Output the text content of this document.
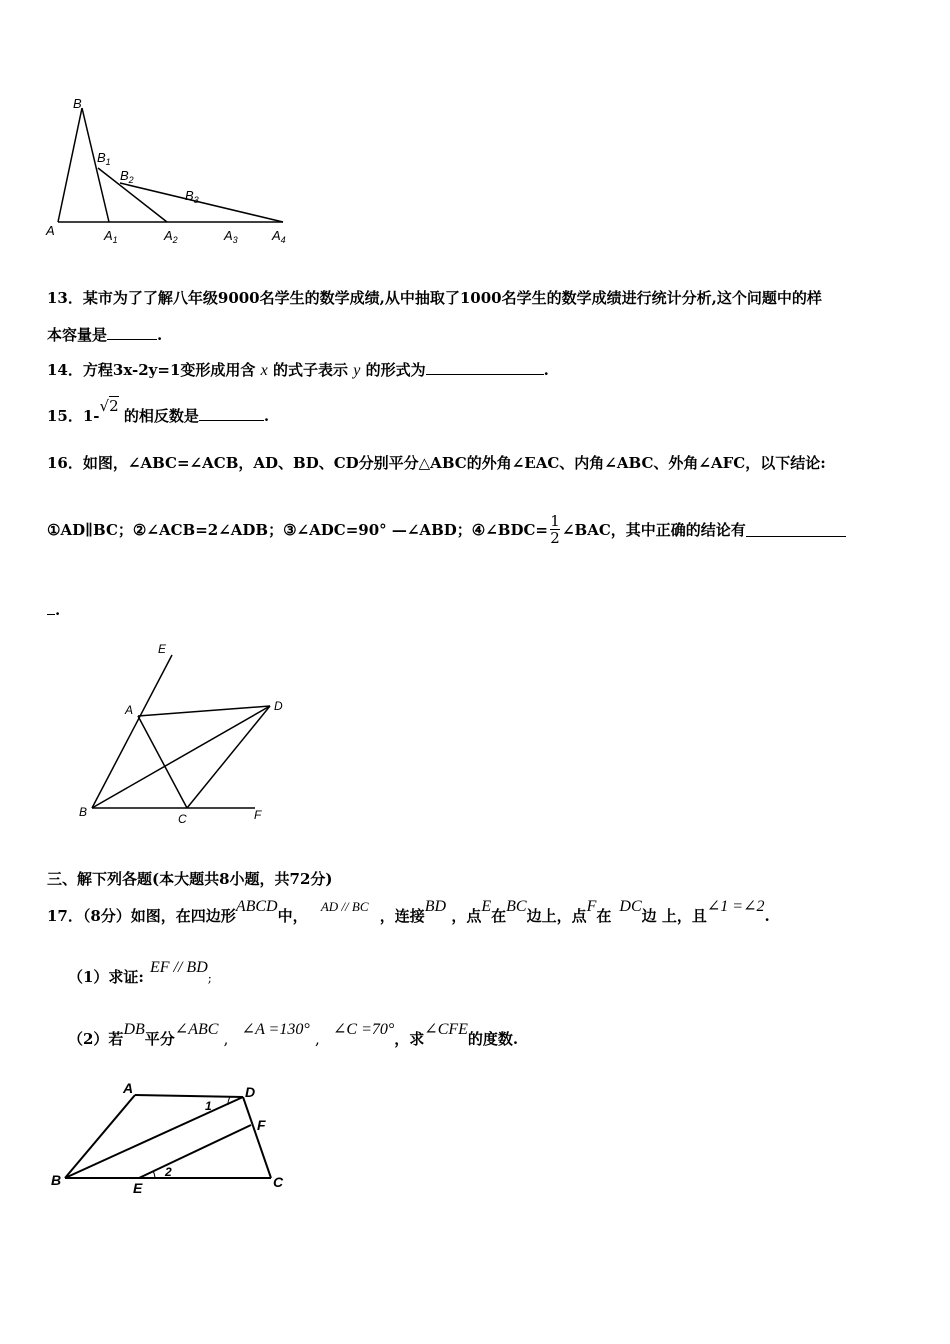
B
$B_1$
$B_2$
$B_3$
A	$A_1$	$A_2$	$A_3$	$A_4$
13．某市为了了解八年级9000名学生的数学成绩,从中抽取了1000名学生的数学成绩进行统计分析,这个问题中的样
本容量是	.
14．方程3x-2y=1变形成用含 x 的式子表示 y 的形式为	.
15．1-√2 的相反数是	.
16．如图，∠ABC=∠ACB，AD、BD、CD分别平分△ABC的外角∠EAC、内角∠ABC、外角∠AFC，以下结论:
①AD∥BC；②∠ACB=2∠ADB；③∠ADC=90° —∠ABD；④∠BDC= $\frac{1}{2}$ ∠BAC，其中正确的结论有
.
E
A	D
B	C	F
三、解下列各题(本大题共8小题，共72分)
17．（8分）如图，在四边形ABCD中， AD // BC ，连接BD ，点E在BC边上，点F在DC边 上，且∠1 =∠2.
（1）求证:EF // BD;
（2）若DB平分∠ABC , ∠A =130° , ∠C =70°，求∠CFE的度数.
A	D
1
F
B	E
2
C
